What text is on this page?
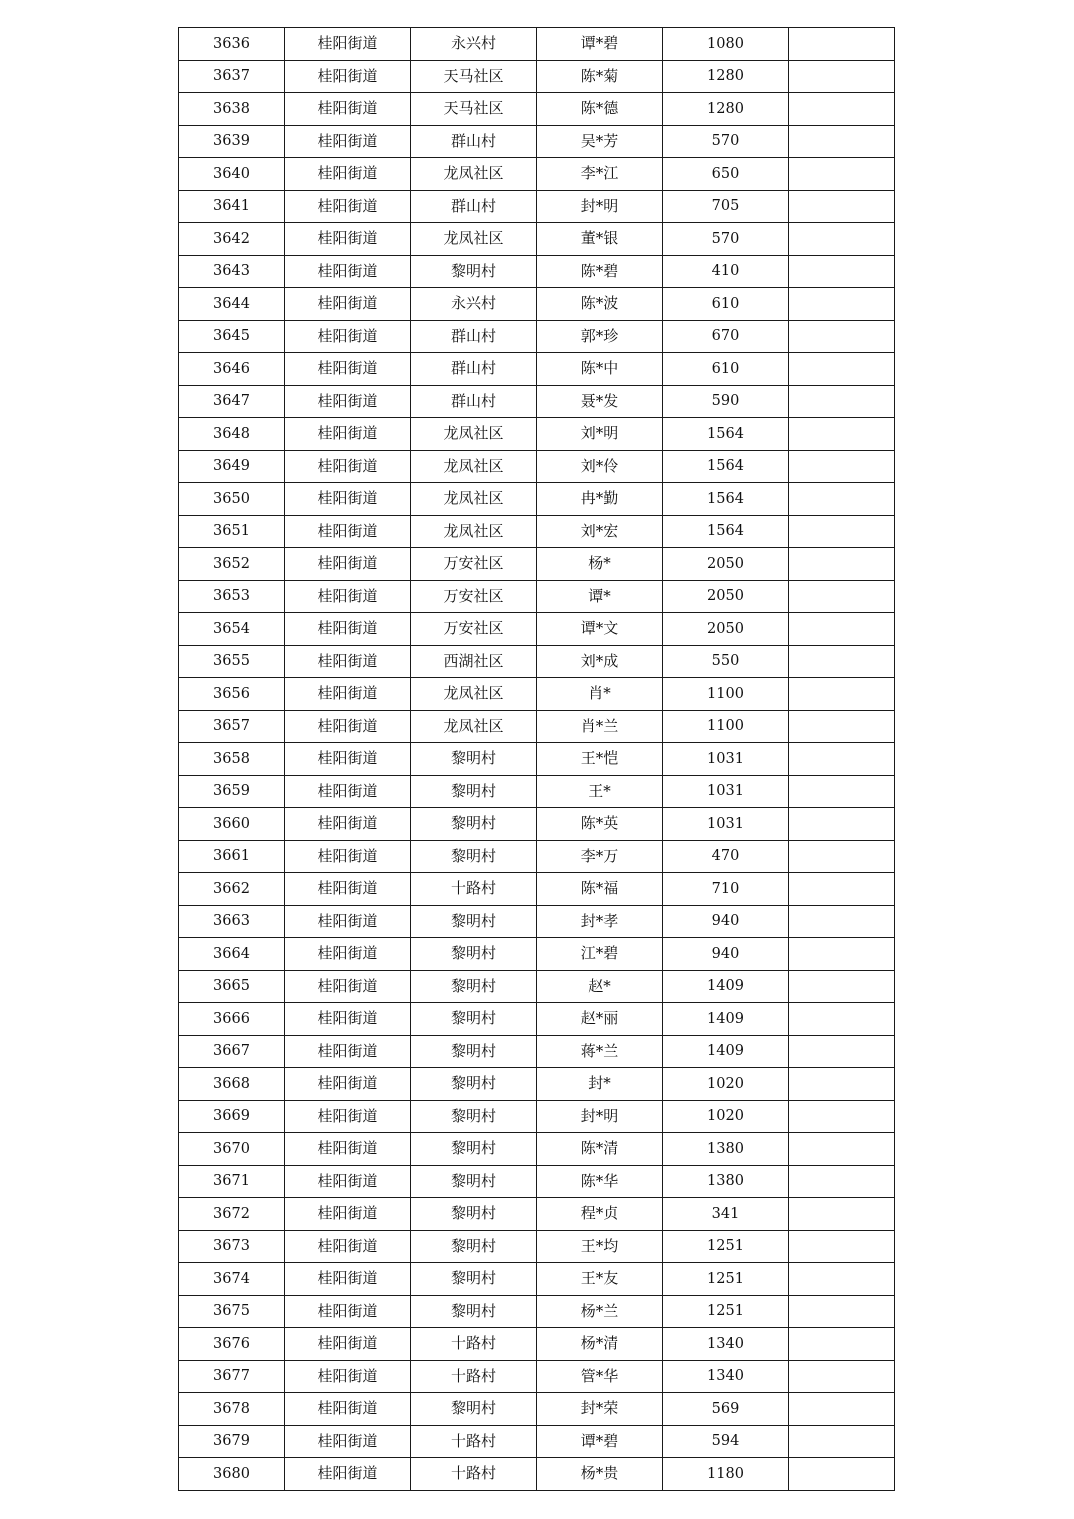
3636	桂阳街道	永兴村	谭*碧	1080	
3637	桂阳街道	天马社区	陈*菊	1280	
3638	桂阳街道	天马社区	陈*德	1280	
3639	桂阳街道	群山村	吴*芳	570	
3640	桂阳街道	龙凤社区	李*江	650	
3641	桂阳街道	群山村	封*明	705	
3642	桂阳街道	龙凤社区	董*银	570	
3643	桂阳街道	黎明村	陈*碧	410	
3644	桂阳街道	永兴村	陈*波	610	
3645	桂阳街道	群山村	郭*珍	670	
3646	桂阳街道	群山村	陈*中	610	
3647	桂阳街道	群山村	聂*发	590	
3648	桂阳街道	龙凤社区	刘*明	1564	
3649	桂阳街道	龙凤社区	刘*伶	1564	
3650	桂阳街道	龙凤社区	冉*勤	1564	
3651	桂阳街道	龙凤社区	刘*宏	1564	
3652	桂阳街道	万安社区	杨*	2050	
3653	桂阳街道	万安社区	谭*	2050	
3654	桂阳街道	万安社区	谭*文	2050	
3655	桂阳街道	西湖社区	刘*成	550	
3656	桂阳街道	龙凤社区	肖*	1100	
3657	桂阳街道	龙凤社区	肖*兰	1100	
3658	桂阳街道	黎明村	王*恺	1031	
3659	桂阳街道	黎明村	王*	1031	
3660	桂阳街道	黎明村	陈*英	1031	
3661	桂阳街道	黎明村	李*万	470	
3662	桂阳街道	十路村	陈*福	710	
3663	桂阳街道	黎明村	封*孝	940	
3664	桂阳街道	黎明村	江*碧	940	
3665	桂阳街道	黎明村	赵*	1409	
3666	桂阳街道	黎明村	赵*丽	1409	
3667	桂阳街道	黎明村	蒋*兰	1409	
3668	桂阳街道	黎明村	封*	1020	
3669	桂阳街道	黎明村	封*明	1020	
3670	桂阳街道	黎明村	陈*清	1380	
3671	桂阳街道	黎明村	陈*华	1380	
3672	桂阳街道	黎明村	程*贞	341	
3673	桂阳街道	黎明村	王*均	1251	
3674	桂阳街道	黎明村	王*友	1251	
3675	桂阳街道	黎明村	杨*兰	1251	
3676	桂阳街道	十路村	杨*清	1340	
3677	桂阳街道	十路村	管*华	1340	
3678	桂阳街道	黎明村	封*荣	569	
3679	桂阳街道	十路村	谭*碧	594	
3680	桂阳街道	十路村	杨*贵	1180	
